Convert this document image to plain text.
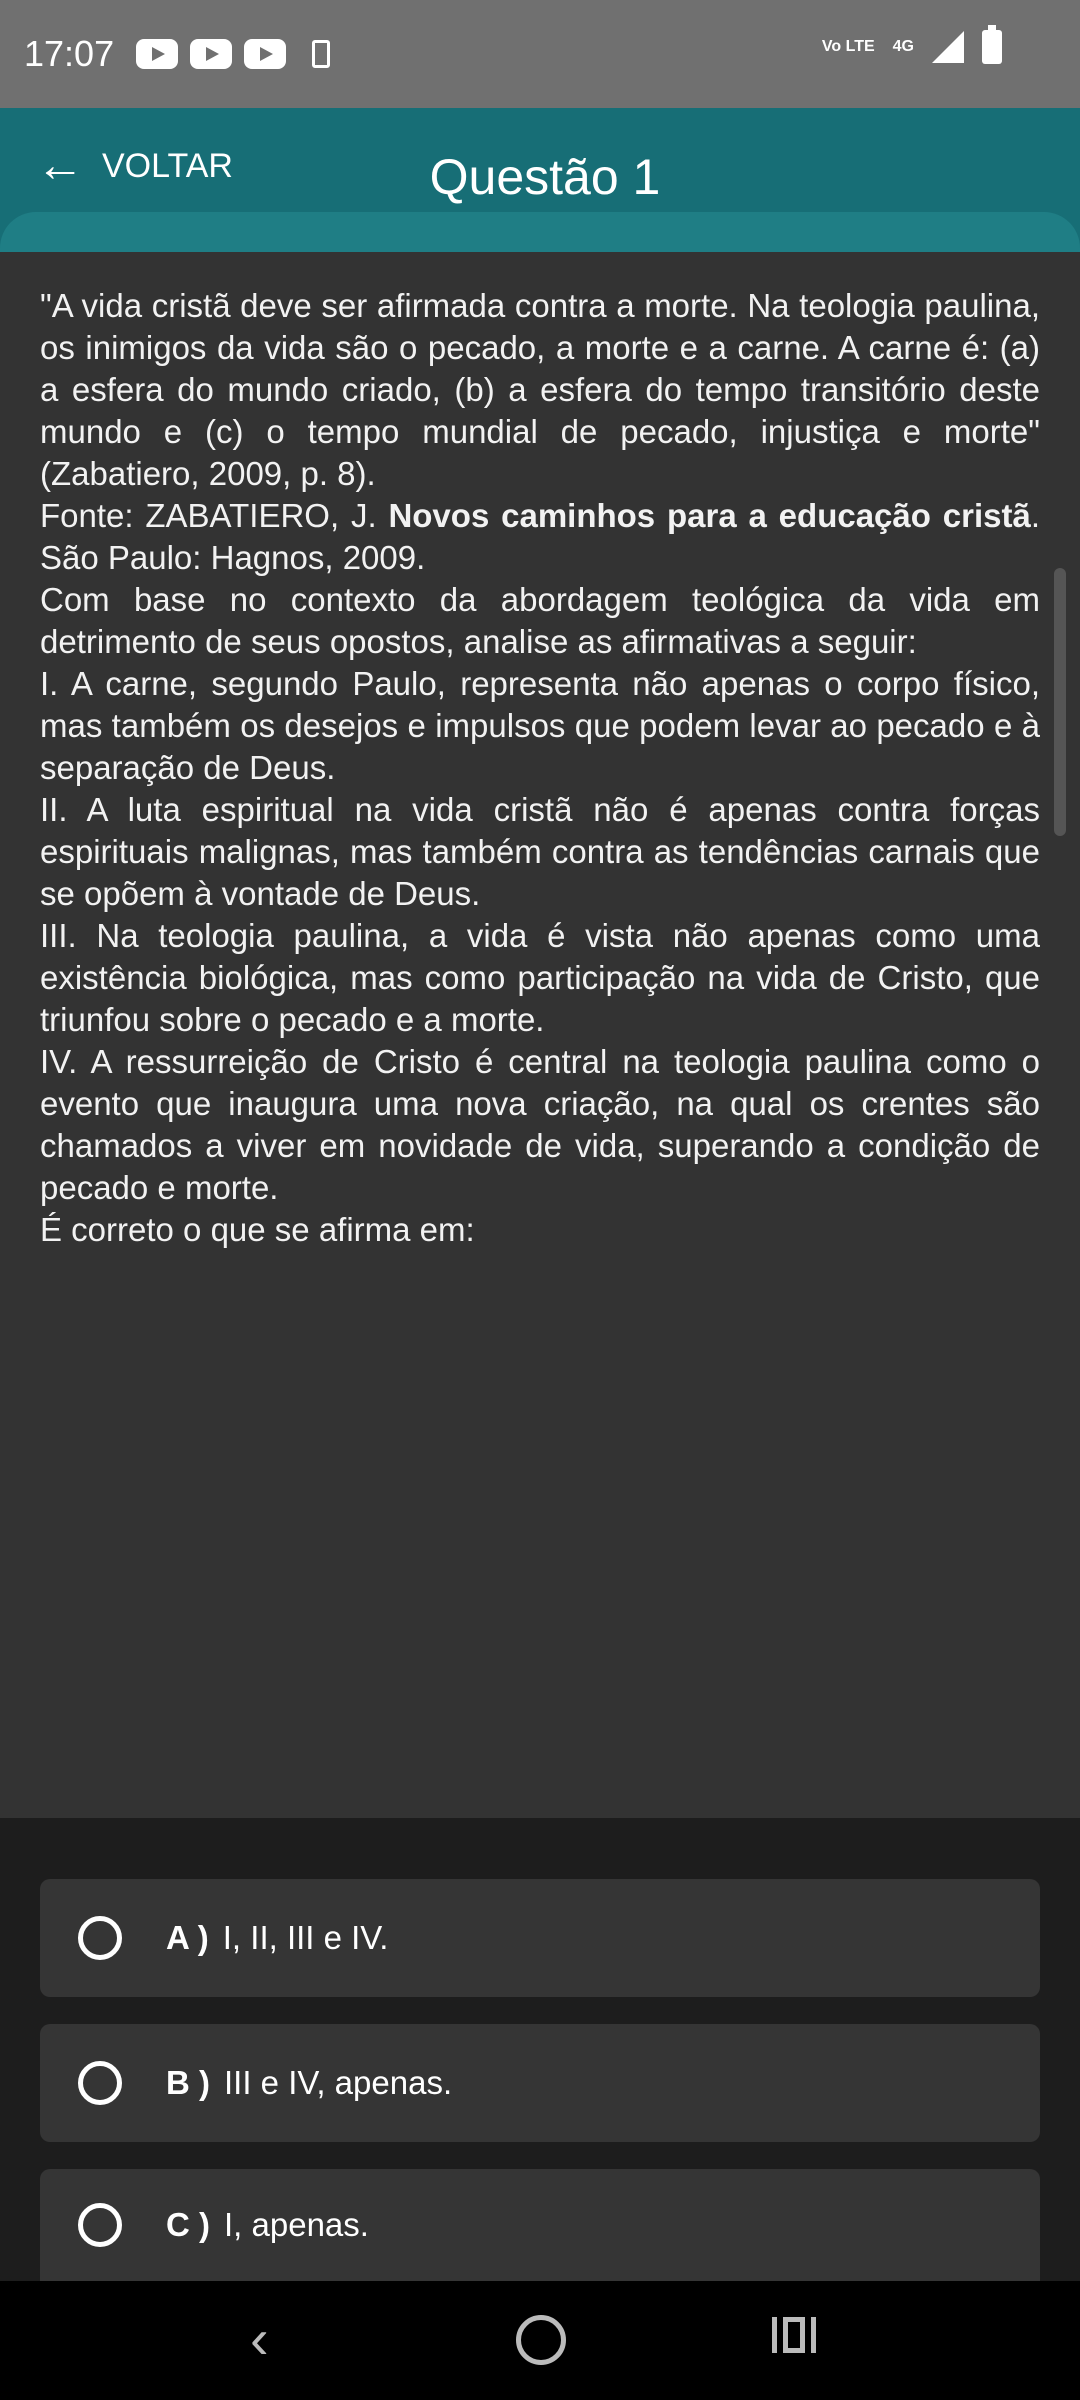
17:07	Vo LTE 4G
← VOLTAR	Questão 1

"A vida cristã deve ser afirmada contra a morte. Na teologia paulina, os inimigos da vida são o pecado, a morte e a carne. A carne é: (a) a esfera do mundo criado, (b) a esfera do tempo transitório deste mundo e (c) o tempo mundial de pecado, injustiça e morte" (Zabatiero, 2009, p. 8).

Fonte: ZABATIERO, J. Novos caminhos para a educação cristã. São Paulo: Hagnos, 2009.

Com base no contexto da abordagem teológica da vida em detrimento de seus opostos, analise as afirmativas a seguir:

I. A carne, segundo Paulo, representa não apenas o corpo físico, mas também os desejos e impulsos que podem levar ao pecado e à separação de Deus.

II. A luta espiritual na vida cristã não é apenas contra forças espirituais malignas, mas também contra as tendências carnais que se opõem à vontade de Deus.

III. Na teologia paulina, a vida é vista não apenas como uma existência biológica, mas como participação na vida de Cristo, que triunfou sobre o pecado e a morte.

IV. A ressurreição de Cristo é central na teologia paulina como o evento que inaugura uma nova criação, na qual os crentes são chamados a viver em novidade de vida, superando a condição de pecado e morte.

É correto o que se afirma em:

A ) I, II, III e IV.
B ) III e IV, apenas.
C ) I, apenas.
‹
